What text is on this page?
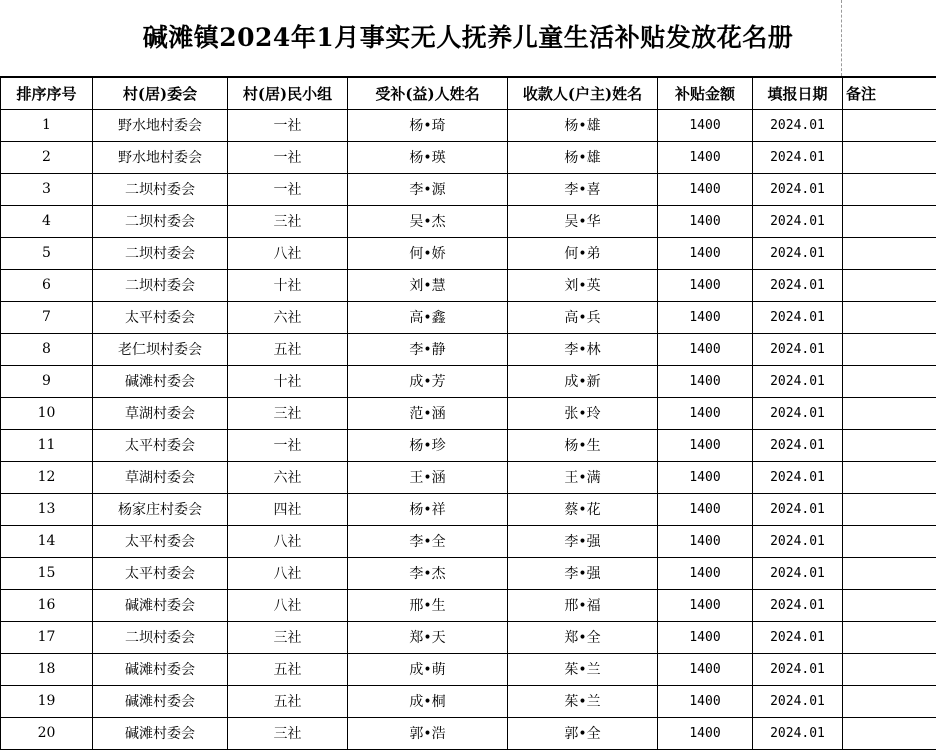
碱滩镇2024年1月事实无人抚养儿童生活补贴发放花名册
排序序号	村(居)委会	村(居)民小组	受补(益)人姓名	收款人(户主)姓名	补贴金额	填报日期	备注
1	野水地村委会	一社	杨•琦	杨•雄	1400	2024.01	
2	野水地村委会	一社	杨•瑛	杨•雄	1400	2024.01	
3	二坝村委会	一社	李•源	李•喜	1400	2024.01	
4	二坝村委会	三社	吴•杰	吴•华	1400	2024.01	
5	二坝村委会	八社	何•娇	何•弟	1400	2024.01	
6	二坝村委会	十社	刘•慧	刘•英	1400	2024.01	
7	太平村委会	六社	高•鑫	高•兵	1400	2024.01	
8	老仁坝村委会	五社	李•静	李•林	1400	2024.01	
9	碱滩村委会	十社	成•芳	成•新	1400	2024.01	
10	草湖村委会	三社	范•涵	张•玲	1400	2024.01	
11	太平村委会	一社	杨•珍	杨•生	1400	2024.01	
12	草湖村委会	六社	王•涵	王•满	1400	2024.01	
13	杨家庄村委会	四社	杨•祥	蔡•花	1400	2024.01	
14	太平村委会	八社	李•全	李•强	1400	2024.01	
15	太平村委会	八社	李•杰	李•强	1400	2024.01	
16	碱滩村委会	八社	邢•生	邢•福	1400	2024.01	
17	二坝村委会	三社	郑•天	郑•全	1400	2024.01	
18	碱滩村委会	五社	成•萌	茱•兰	1400	2024.01	
19	碱滩村委会	五社	成•桐	茱•兰	1400	2024.01	
20	碱滩村委会	三社	郭•浩	郭•全	1400	2024.01	
